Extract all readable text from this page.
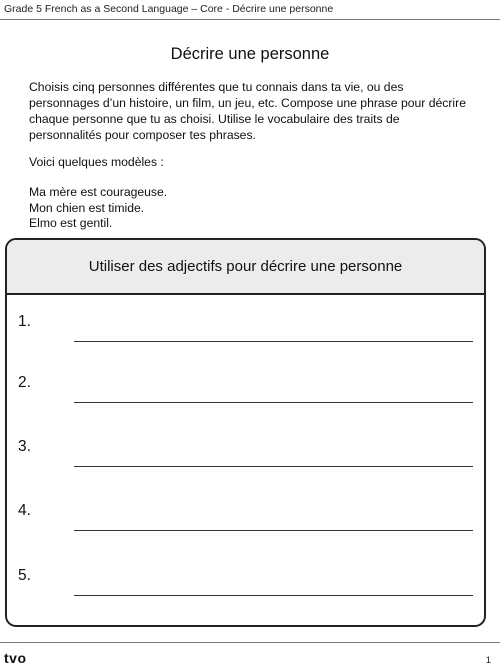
Grade 5 French as a Second Language – Core - Décrire une personne
Décrire une personne

Choisis cinq personnes différentes que tu connais dans ta vie, ou des personnages d’un histoire, un film, un jeu, etc. Compose une phrase pour décrire chaque personne que tu as choisi. Utilise le vocabulaire des traits de personnalités pour composer tes phrases.

Voici quelques modèles :

Ma mère est courageuse.
Mon chien est timide.
Elmo est gentil.
Utiliser des adjectifs pour décrire une personne
1.
2.
3.
4.
5.
tvo	1
